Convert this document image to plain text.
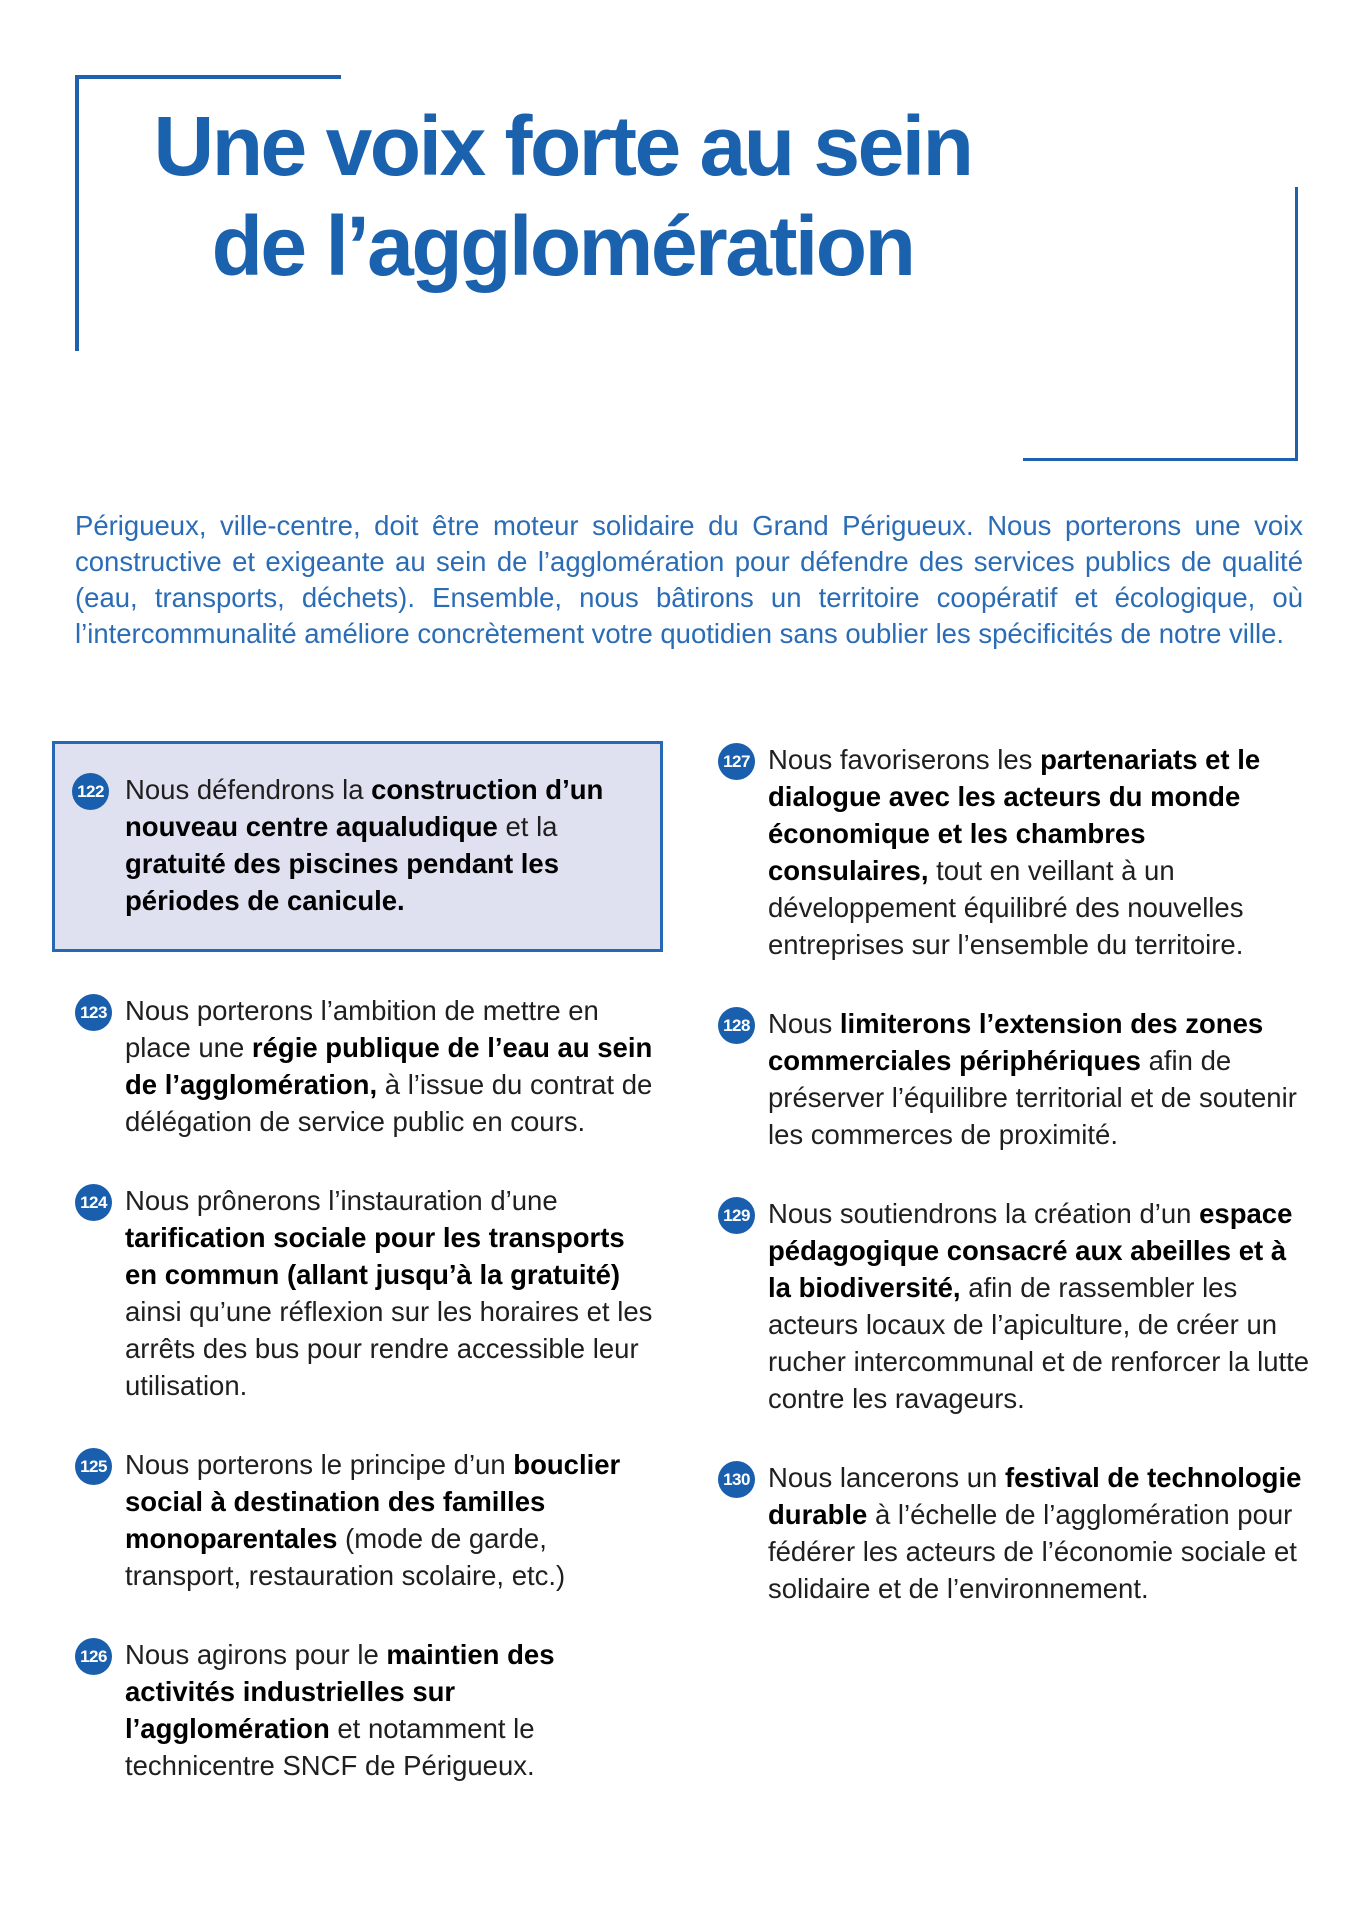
Une voix forte au sein
de l’agglomération

Périgueux, ville-centre, doit être moteur solidaire du Grand Périgueux. Nous porterons une voix constructive et exigeante au sein de l’agglomération pour défendre des services publics de qualité (eau, transports, déchets). Ensemble, nous bâtirons un territoire coopératif et écologique, où l’intercommunalité améliore concrètement votre quotidien sans oublier les spécificités de notre ville.

122 Nous défendrons la construction d’un nouveau centre aqualudique et la gratuité des piscines pendant les périodes de canicule.
123 Nous porterons l’ambition de mettre en place une régie publique de l’eau au sein de l’agglomération, à l’issue du contrat de délégation de service public en cours.
124 Nous prônerons l’instauration d’une tarification sociale pour les transports en commun (allant jusqu’à la gratuité) ainsi qu’une réflexion sur les horaires et les arrêts des bus pour rendre accessible leur utilisation.
125 Nous porterons le principe d’un bouclier social à destination des familles monoparentales (mode de garde, transport, restauration scolaire, etc.)
126 Nous agirons pour le maintien des activités industrielles sur l’agglomération et notamment le technicentre SNCF de Périgueux.
127 Nous favoriserons les partenariats et le dialogue avec les acteurs du monde économique et les chambres consulaires, tout en veillant à un développement équilibré des nouvelles entreprises sur l’ensemble du territoire.
128 Nous limiterons l’extension des zones commerciales périphériques afin de préserver l’équilibre territorial et de soutenir les commerces de proximité.
129 Nous soutiendrons la création d’un espace pédagogique consacré aux abeilles et à la biodiversité, afin de rassembler les acteurs locaux de l’apiculture, de créer un rucher intercommunal et de renforcer la lutte contre les ravageurs.
130 Nous lancerons un festival de technologie durable à l’échelle de l’agglomération pour fédérer les acteurs de l’économie sociale et solidaire et de l’environnement.
